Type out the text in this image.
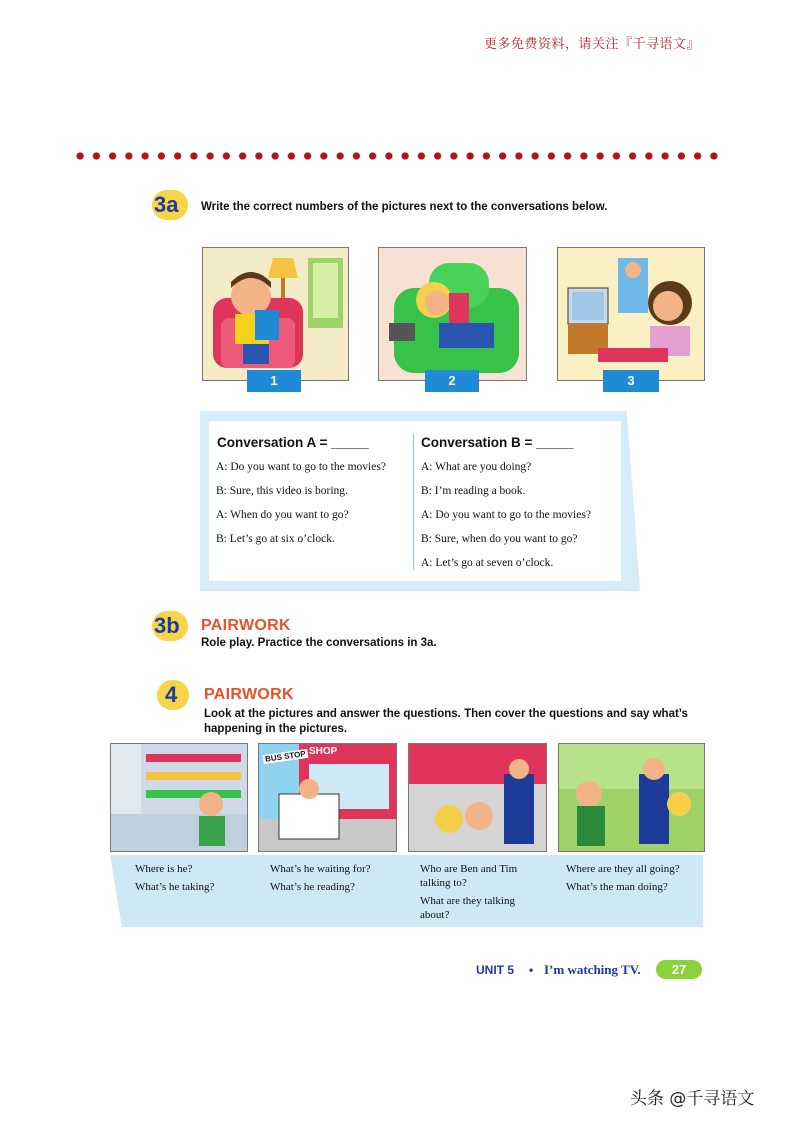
更多免费资料，请关注『千寻语文』
3a Write the correct numbers of the pictures next to the conversations below.
1	2	3
Conversation A = _____
A: Do you want to go to the movies?
B: Sure, this video is boring.
A: When do you want to go?
B: Let’s go at six o’clock.
Conversation B = _____
A: What are you doing?
B: I’m reading a book.
A: Do you want to go to the movies?
B: Sure, when do you want to go?
A: Let’s go at seven o’clock.
3b PAIRWORK
Role play. Practice the conversations in 3a.
4 PAIRWORK
Look at the pictures and answer the questions. Then cover the questions and say what’s happening in the pictures.
BUS STOP SHOP
Where is he?
What’s he taking?
What’s he waiting for?
What’s he reading?
Who are Ben and Tim talking to?
What are they talking about?
Where are they all going?
What’s the man doing?
UNIT 5 • I’m watching TV.	27
头条 @千寻语文
